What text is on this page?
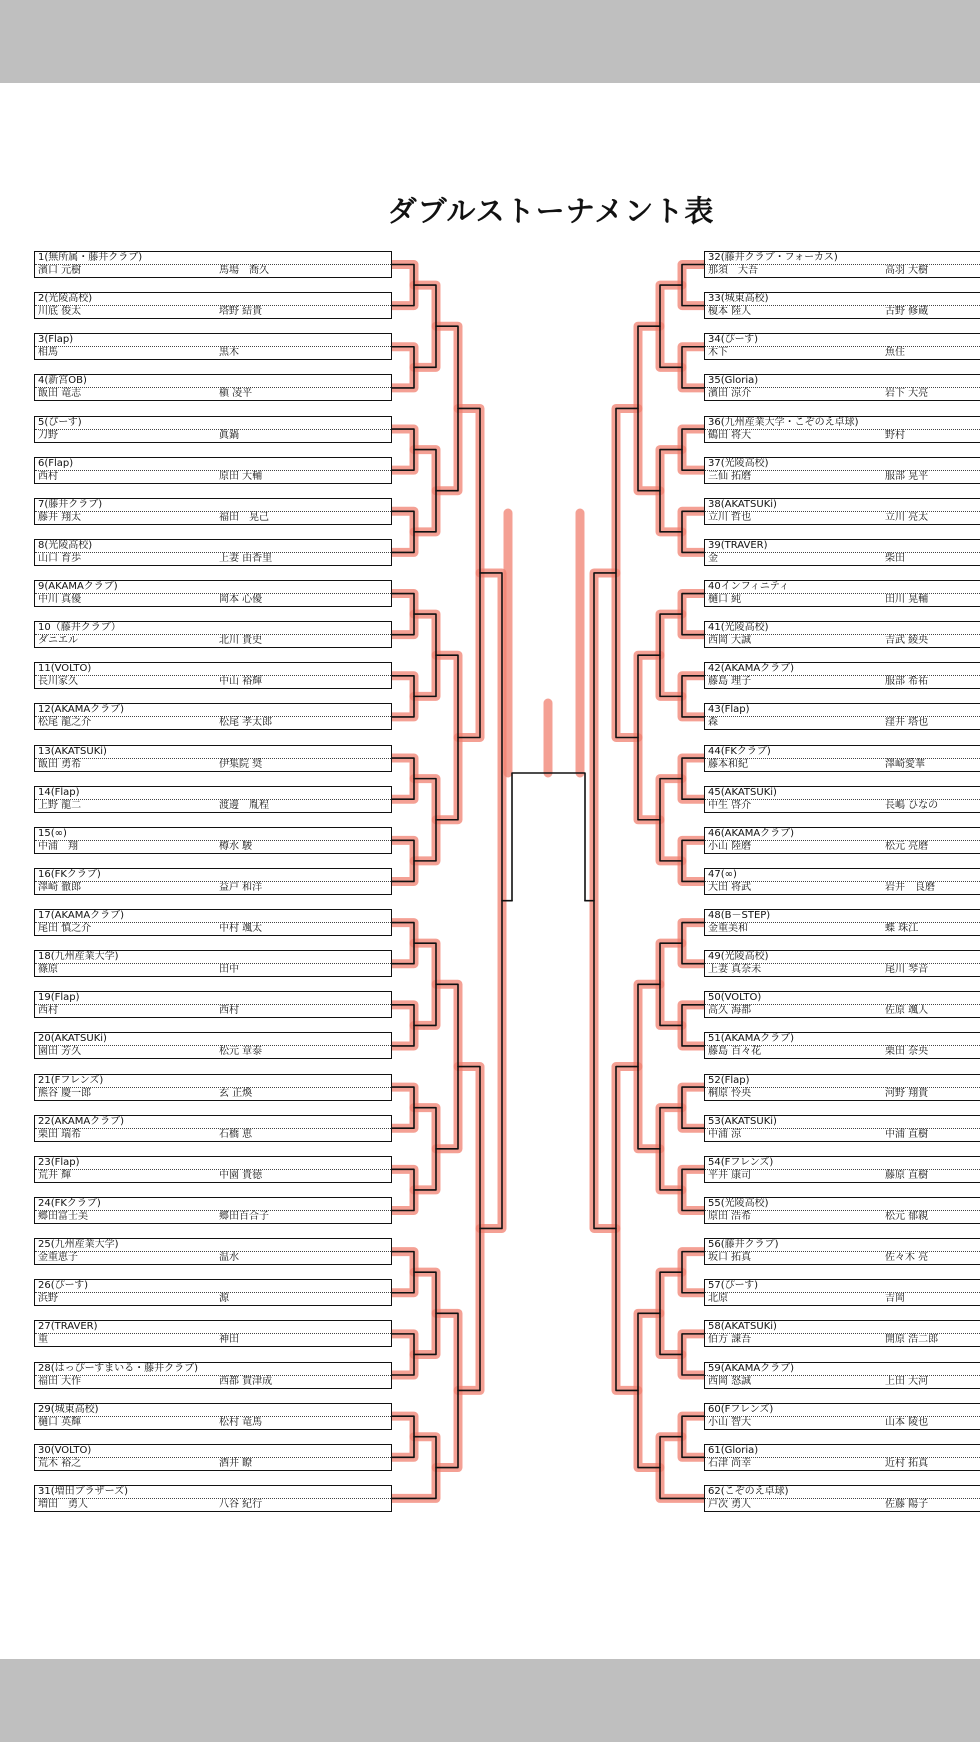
ダブルストーナメント表
1(無所属・藤井クラブ)
濱口 元樹	馬場　喬久
2(光陵高校)
川底 俊太	塔野 結貴
3(Flap)
相馬	黒木
4(新宮OB)
飯田 竜志	槇 凌平
5(ぴーす)
刀野	眞鍋
6(Flap)
西村	原田 大輔
7(藤井クラブ)
藤井 翔太	福田　晃己
8(光陵高校)
山口 育歩	上妻 由香里
9(AKAMAクラブ)
中川 真優	岡本 心優
10（藤井クラブ）
ダニエル	北川 貴史
11(VOLTO)
長川家久	中山 裕輝
12(AKAMAクラブ)
松尾 龍之介	松尾 孝太郎
13(AKATSUKi)
飯田 勇希	伊集院 奨
14(Flap)
上野 龍二	渡邊　胤程
15(∞)
中浦　翔	樽水 駿
16(FKクラブ)
澤崎 徹郎	益戸 和洋
17(AKAMAクラブ)
尾田 慎之介	中村 颯太
18(九州産業大学)
篠原	田中
19(Flap)
西村	西村
20(AKATSUKi)
園田 芳久	松元 章泰
21(Fフレンズ)
熊谷 慶一郎	玄 正煥
22(AKAMAクラブ)
栗田 瑞希	石橋 恵
23(Flap)
荒井 輝	中園 貴徳
24(FKクラブ)
郷田富士美	郷田百合子
25(九州産業大学)
金重恵子	温水
26(ぴーす)
浜野	源
27(TRAVER)
重	神田
28(はっぴーすまいる・藤井クラブ)
福田 大作	西都 賀津成
29(城東高校)
樋口 英輝	松村 竜馬
30(VOLTO)
荒木 裕之	酒井 瞭
31(増田ブラザーズ)
増田　勇人	八谷 紀行
32(藤井クラブ・フォーカス)
那須　大吾	高羽 大樹
33(城東高校)
榎本 陸人	古野 修蔵
34(ぴーす)
木下	魚住
35(Gloria)
濱田 涼介	岩下 大亮
36(九州産業大学・こぞのえ卓球)
鶴田 将大	野村
37(光陵高校)
三仙 拓磨	服部 晃平
38(AKATSUKi)
立川 哲也	立川 亮太
39(TRAVER)
金	柴田
40インフィニティ
樋口 純	田川 晃輔
41(光陵高校)
西岡 大誠	吉武 綾央
42(AKAMAクラブ)
藤島 理子	服部 希祐
43(Flap)
森	窪井 塔也
44(FKクラブ)
藤本和紀	澤崎愛華
45(AKATSUKi)
中生 啓介	長嶋 ひなの
46(AKAMAクラブ)
小山 陸磨	松元 亮磨
47(∞)
大田 将武	岩井　良磨
48(B－STEP)
金重美和	蝶 珠江
49(光陵高校)
上妻 真奈未	尾川 琴音
50(VOLTO)
高久 海都	佐原 颯人
51(AKAMAクラブ)
藤島 百々花	栗田 奈央
52(Flap)
桐原 怜央	河野 翔貴
53(AKATSUKi)
中浦 涼	中浦 直樹
54(Fフレンズ)
平井 康司	藤原 直樹
55(光陵高校)
原田 浩希	松元 郁親
56(藤井クラブ)
坂口 拓真	佐々木 亮
57(ぴーす)
北原	吉岡
58(AKATSUKi)
伯方 諌吾	開原 浩二郎
59(AKAMAクラブ)
西岡 怒誠	上田 大河
60(Fフレンズ)
小山 智大	山本 陵也
61(Gloria)
石津 尚幸	近村 拓真
62(こぞのえ卓球)
戸次 勇人	佐藤 陽子
